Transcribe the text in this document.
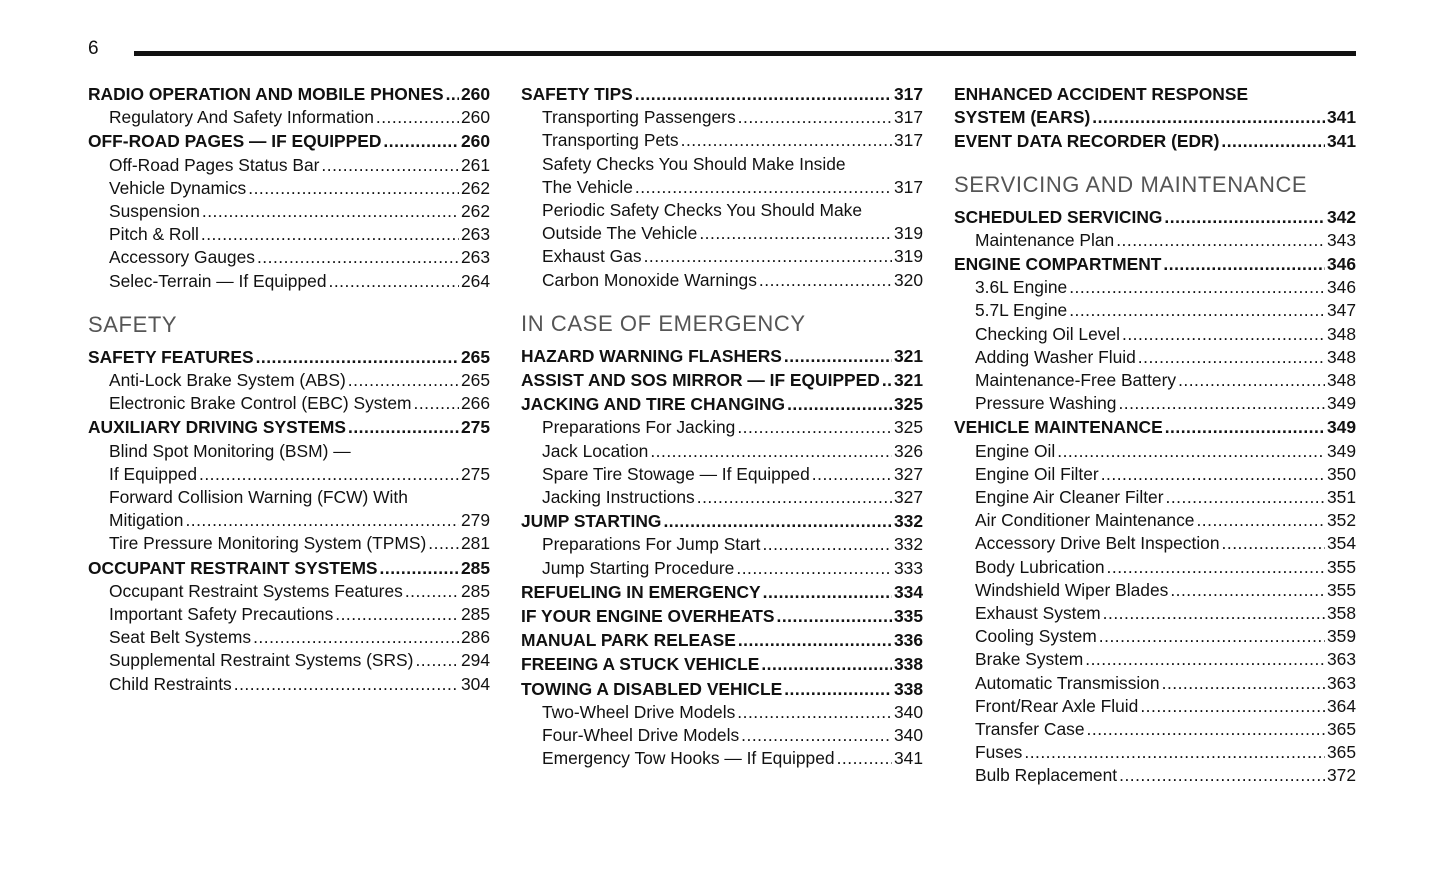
6
RADIO OPERATION AND MOBILE PHONES ..... 260
Regulatory And Safety Information .....	260
OFF-ROAD PAGES — IF EQUIPPED .....	260
Off-Road Pages Status Bar .....	261
Vehicle Dynamics .....	262
Suspension .....	262
Pitch & Roll .....	263
Accessory Gauges .....	263
Selec-Terrain — If Equipped .....	264
SAFETY
SAFETY FEATURES .....	265
Anti-Lock Brake System (ABS) .....	265
Electronic Brake Control (EBC) System .....	266
AUXILIARY DRIVING SYSTEMS .....	275
Blind Spot Monitoring (BSM) —
If Equipped .....	275
Forward Collision Warning (FCW) With
Mitigation .....	279
Tire Pressure Monitoring System (TPMS) ..... 281
OCCUPANT RESTRAINT SYSTEMS .....	285
Occupant Restraint Systems Features .....	285
Important Safety Precautions .....	285
Seat Belt Systems .....	286
Supplemental Restraint Systems (SRS) .....	294
Child Restraints .....	304
SAFETY TIPS .....	317
Transporting Passengers .....	317
Transporting Pets .....	317
Safety Checks You Should Make Inside
The Vehicle .....	317
Periodic Safety Checks You Should Make
Outside The Vehicle .....	319
Exhaust Gas .....	319
Carbon Monoxide Warnings .....	320
IN CASE OF EMERGENCY
HAZARD WARNING FLASHERS .....	321
ASSIST AND SOS MIRROR — IF EQUIPPED ..... 321
JACKING AND TIRE CHANGING .....	325
Preparations For Jacking .....	325
Jack Location .....	326
Spare Tire Stowage — If Equipped .....	327
Jacking Instructions .....	327
JUMP STARTING .....	332
Preparations For Jump Start .....	332
Jump Starting Procedure .....	333
REFUELING IN EMERGENCY .....	334
IF YOUR ENGINE OVERHEATS .....	335
MANUAL PARK RELEASE .....	336
FREEING A STUCK VEHICLE .....	338
TOWING A DISABLED VEHICLE .....	338
Two-Wheel Drive Models .....	340
Four-Wheel Drive Models .....	340
Emergency Tow Hooks — If Equipped .....	341
ENHANCED ACCIDENT RESPONSE
SYSTEM (EARS) .....	341
EVENT DATA RECORDER (EDR) .....	341
SERVICING AND MAINTENANCE
SCHEDULED SERVICING .....	342
Maintenance Plan .....	343
ENGINE COMPARTMENT .....	346
3.6L Engine .....	346
5.7L Engine .....	347
Checking Oil Level .....	348
Adding Washer Fluid .....	348
Maintenance-Free Battery .....	348
Pressure Washing .....	349
VEHICLE MAINTENANCE .....	349
Engine Oil .....	349
Engine Oil Filter .....	350
Engine Air Cleaner Filter .....	351
Air Conditioner Maintenance .....	352
Accessory Drive Belt Inspection .....	354
Body Lubrication .....	355
Windshield Wiper Blades .....	355
Exhaust System .....	358
Cooling System .....	359
Brake System .....	363
Automatic Transmission .....	363
Front/Rear Axle Fluid .....	364
Transfer Case .....	365
Fuses .....	365
Bulb Replacement .....	372
